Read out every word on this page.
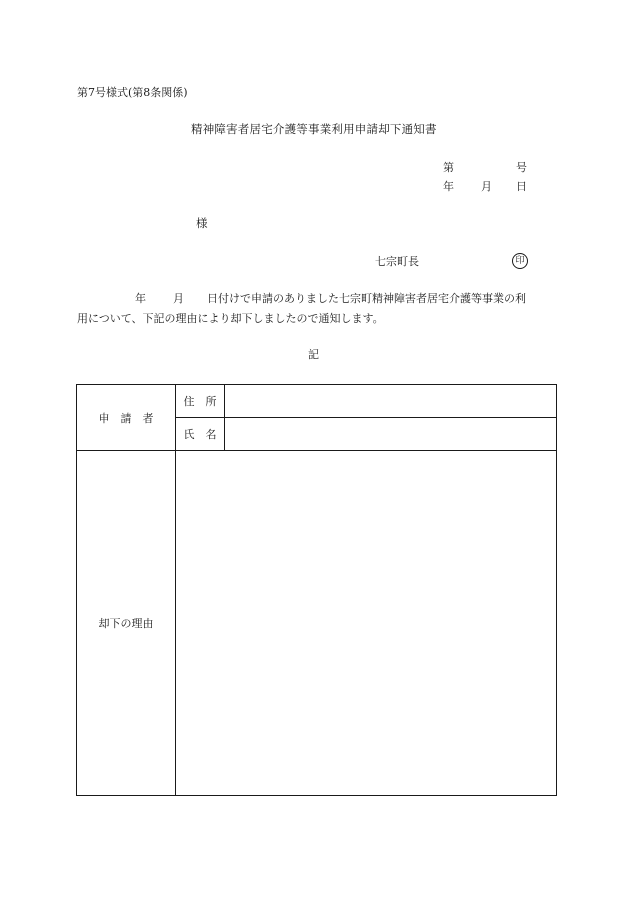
第7号様式(第8条関係)
精神障害者居宅介護等事業利用申請却下通知書
第	号
年 月 日
様
七宗町長	印
年 月 日付けで申請のありました七宗町精神障害者居宅介護等事業の利
用について、下記の理由により却下しましたので通知します。
記
申　請　者	住　所	
	氏　名	
却下の理由		
